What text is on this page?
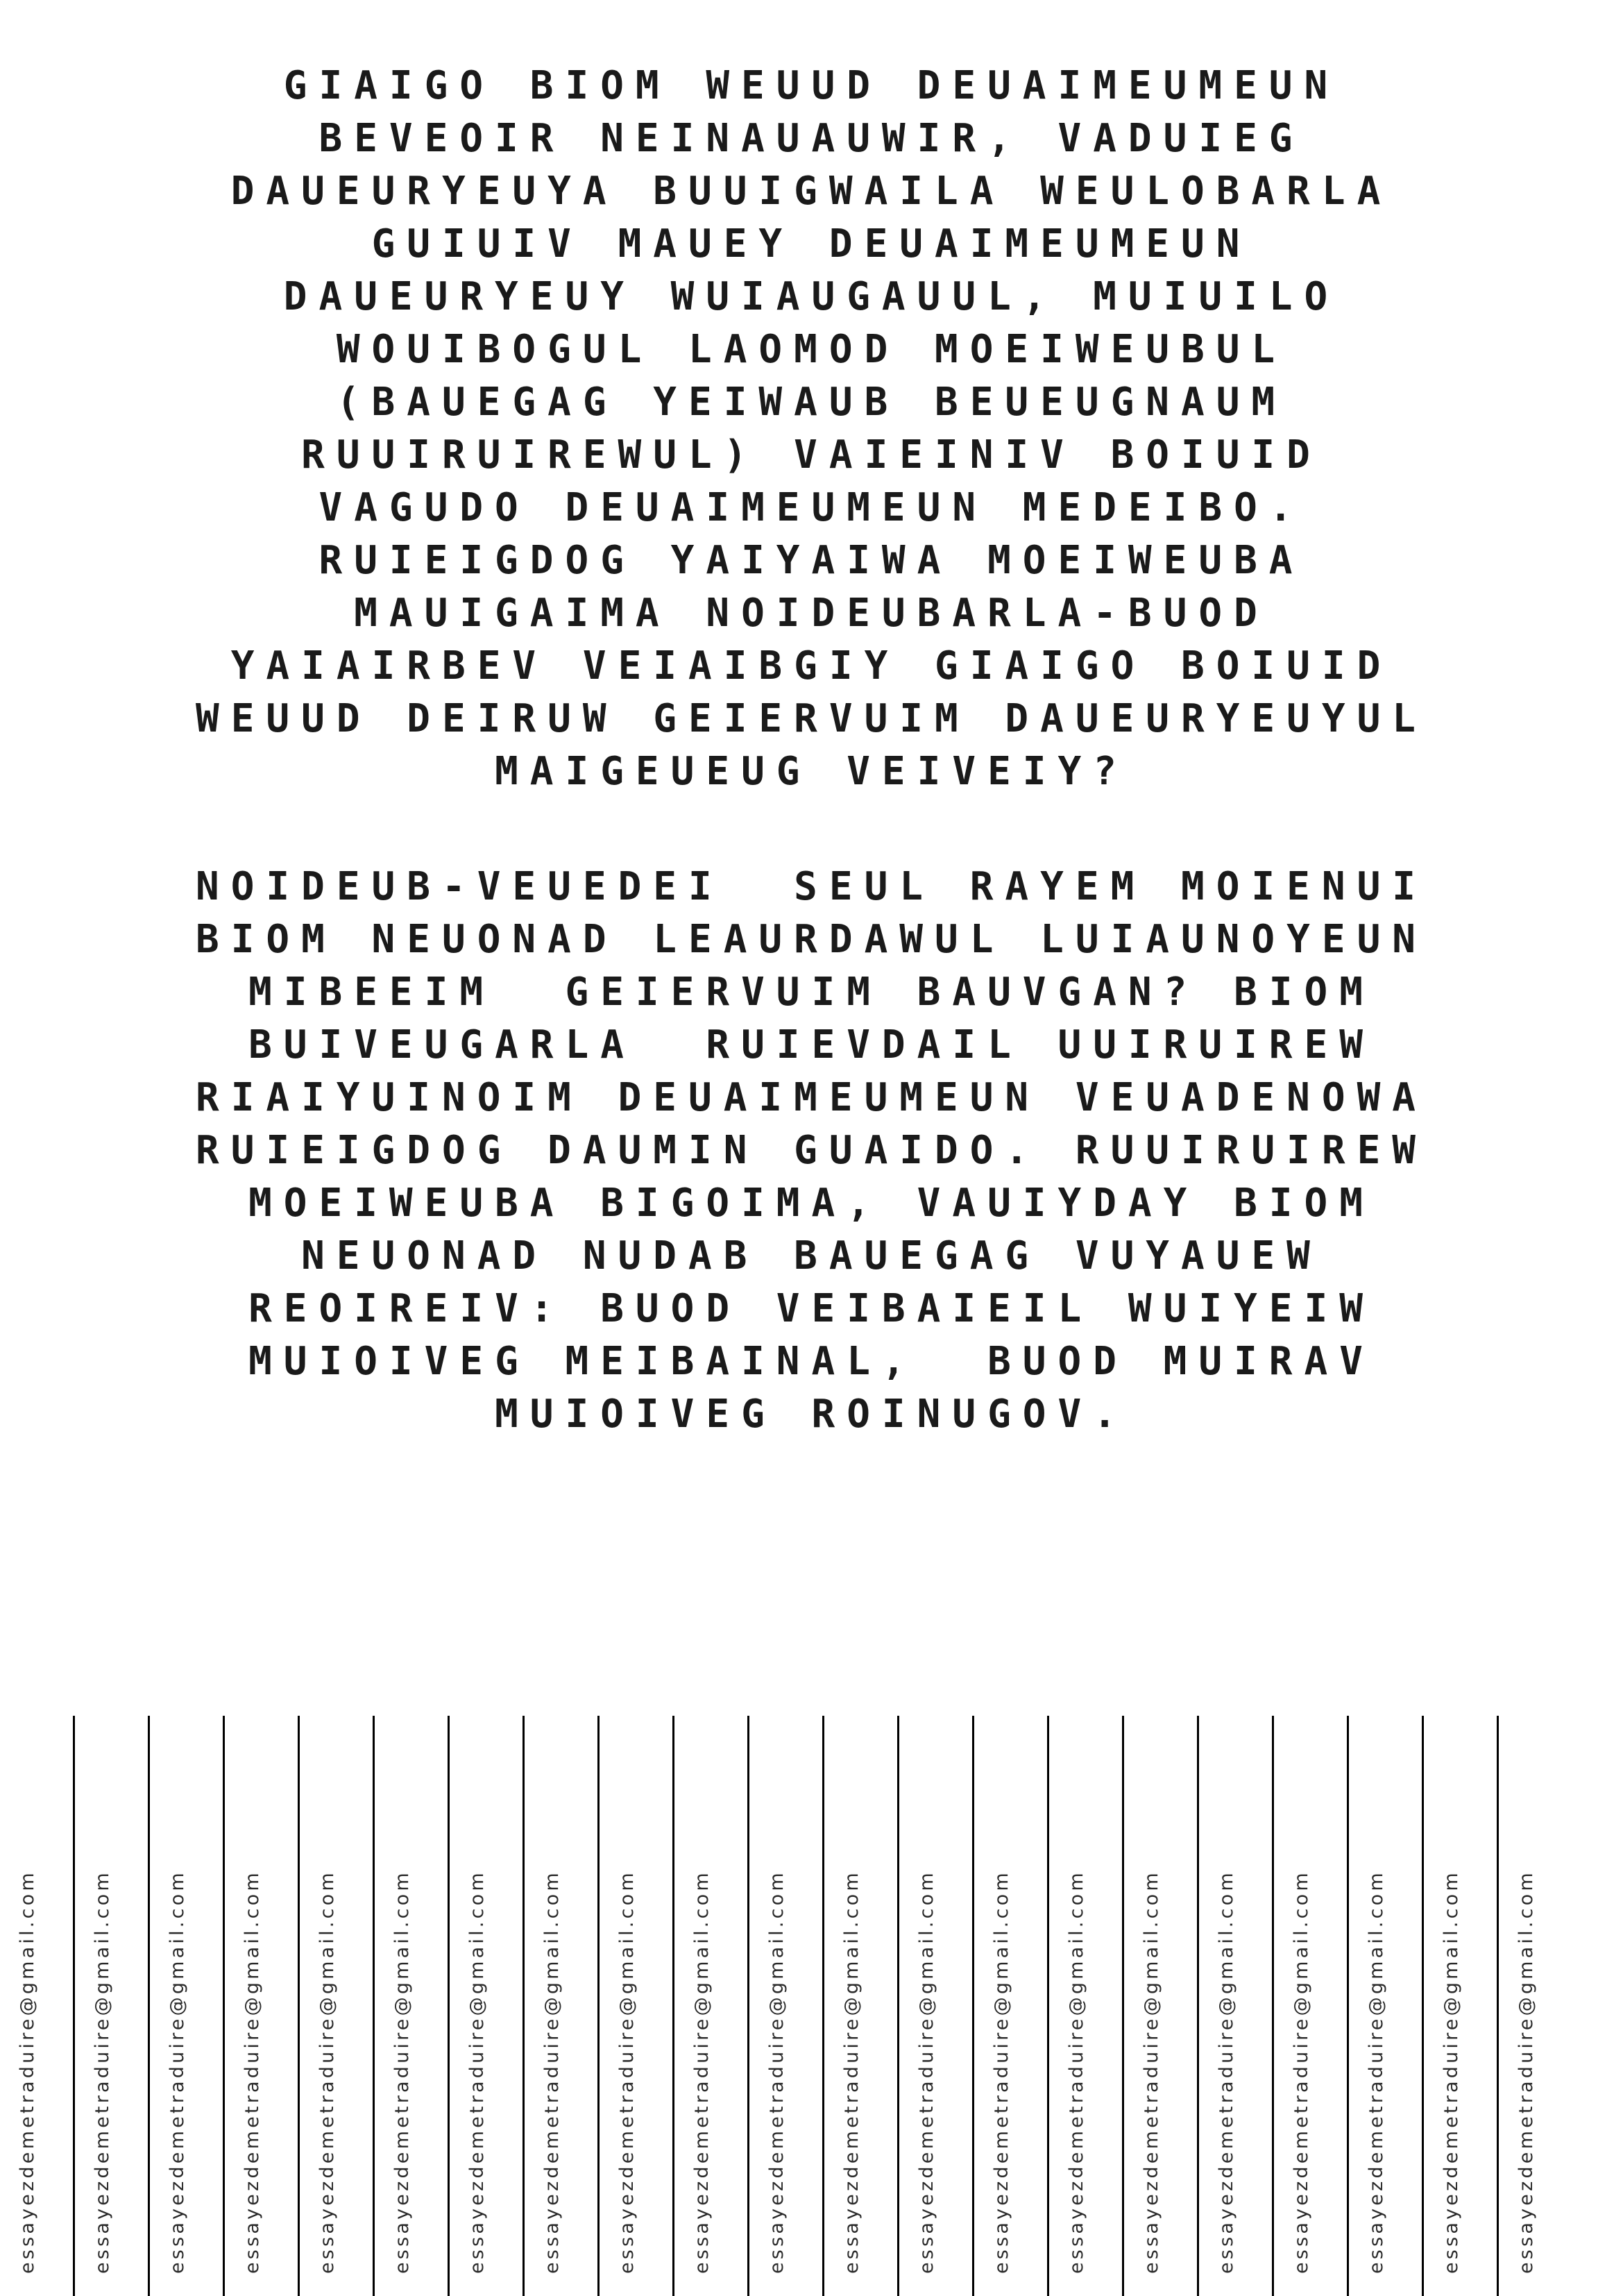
GIAIGO BIOM WEUUD DEUAIMEUMEUN
BEVEOIR NEINAUAUWIR, VADUIEG
DAUEURYEUYA BUUIGWAILA WEULOBARLA
GUIUIV MAUEY DEUAIMEUMEUN
DAUEURYEUY WUIAUGAUUL, MUIUILO
WOUIBOGUL LAOMOD MOEIWEUBUL
(BAUEGAG YEIWAUB BEUEUGNAUM
RUUIRUIREWUL) VAIEINIV BOIUID
VAGUDO DEUAIMEUMEUN MEDEIBO.
RUIEIGDOG YAIYAIWA MOEIWEUBA
MAUIGAIMA NOIDEUBARLA-BUOD
YAIAIRBEV VEIAIBGIY GIAIGO BOIUID
WEUUD DEIRUW GEIERVUIM DAUEURYEUYUL
MAIGEUEUG VEIVEIY?
NOIDEUB-VEUEDEI  SEUL RAYEM MOIENUI
BIOM NEUONAD LEAURDAWUL LUIAUNOYEUN
MIBEEIM  GEIERVUIM BAUVGAN? BIOM
BUIVEUGARLA  RUIEVDAIL UUIRUIREW
RIAIYUINOIM DEUAIMEUMEUN VEUADENOWA
RUIEIGDOG DAUMIN GUAIDO. RUUIRUIREW
MOEIWEUBA BIGOIMA, VAUIYDAY BIOM
NEUONAD NUDAB BAUEGAG VUYAUEW
REOIREIV: BUOD VEIBAIEIL WUIYEIW
MUIOIVEG MEIBAINAL,  BUOD MUIRAV
MUIOIVEG ROINUGOV.
essayezdemetraduire@gmail.com	essayezdemetraduire@gmail.com	essayezdemetraduire@gmail.com	essayezdemetraduire@gmail.com	essayezdemetraduire@gmail.com	essayezdemetraduire@gmail.com	essayezdemetraduire@gmail.com	essayezdemetraduire@gmail.com	essayezdemetraduire@gmail.com	essayezdemetraduire@gmail.com	essayezdemetraduire@gmail.com	essayezdemetraduire@gmail.com	essayezdemetraduire@gmail.com	essayezdemetraduire@gmail.com	essayezdemetraduire@gmail.com	essayezdemetraduire@gmail.com	essayezdemetraduire@gmail.com	essayezdemetraduire@gmail.com	essayezdemetraduire@gmail.com	essayezdemetraduire@gmail.com	essayezdemetraduire@gmail.com
